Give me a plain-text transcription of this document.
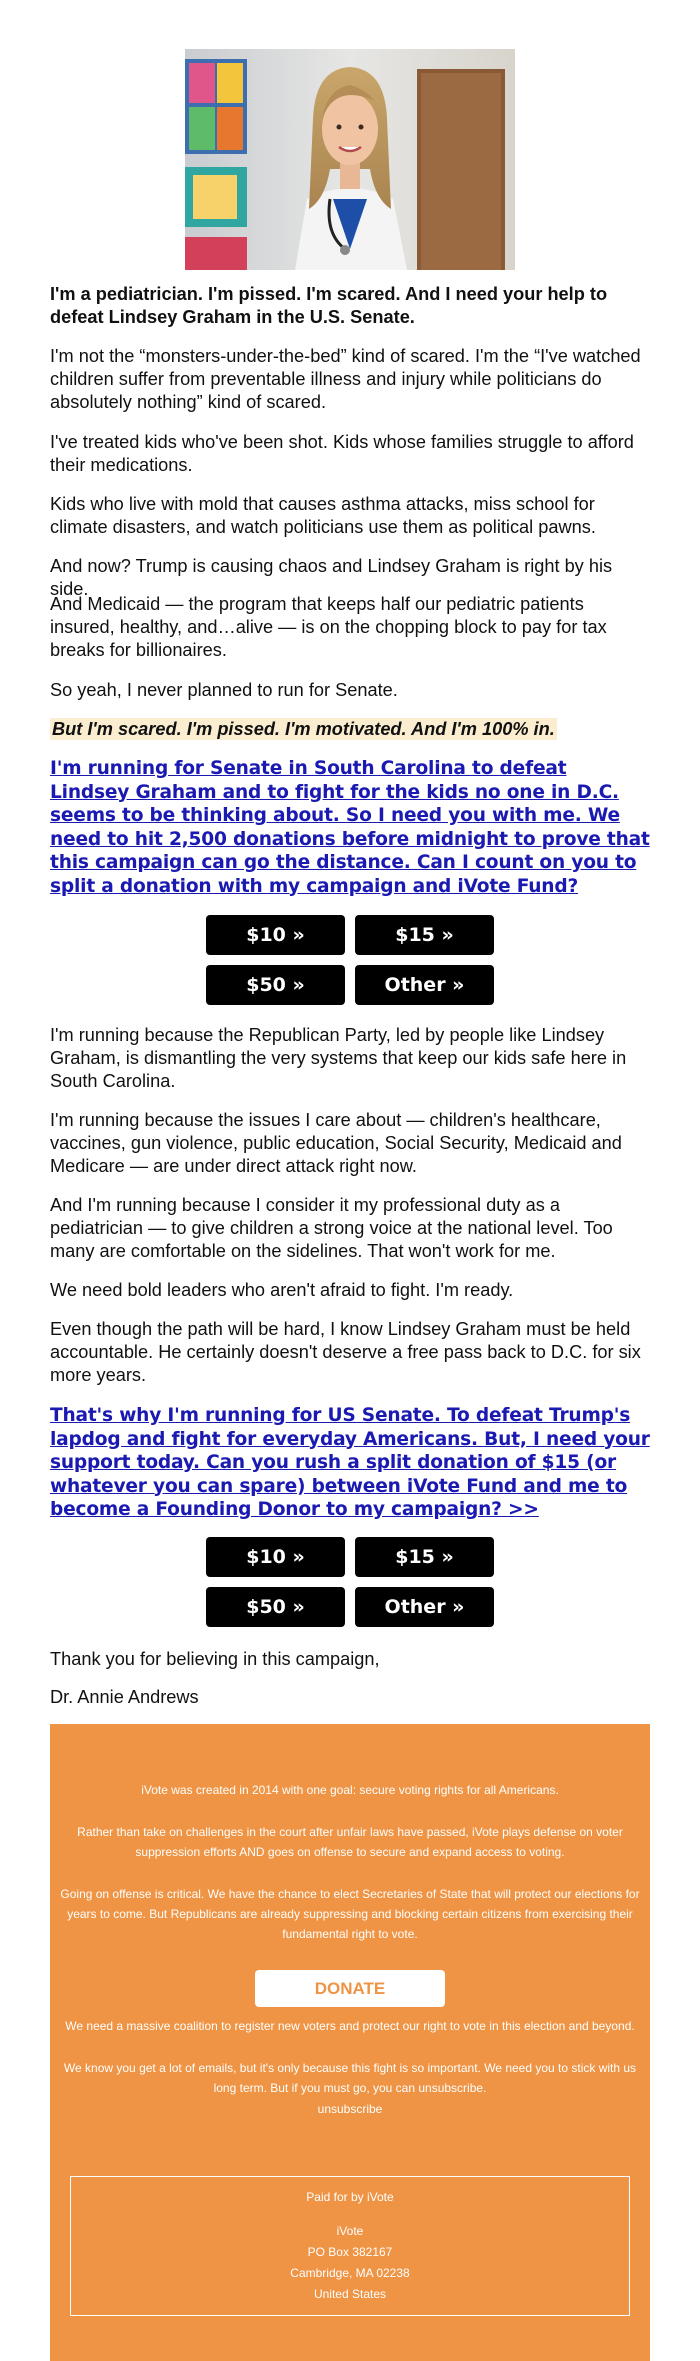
I'm a pediatrician. I'm pissed. I'm scared. And I need your help to defeat Lindsey Graham in the U.S. Senate.

I'm not the “monsters-under-the-bed” kind of scared. I'm the “I've watched children suffer from preventable illness and injury while politicians do absolutely nothing” kind of scared.

I've treated kids who've been shot. Kids whose families struggle to afford their medications.

Kids who live with mold that causes asthma attacks, miss school for climate disasters, and watch politicians use them as political pawns.

And now? Trump is causing chaos and Lindsey Graham is right by his side.

And Medicaid — the program that keeps half our pediatric patients insured, healthy, and…alive — is on the chopping block to pay for tax breaks for billionaires.

So yeah, I never planned to run for Senate.

But I'm scared. I'm pissed. I'm motivated. And I'm 100% in.

I'm running for Senate in South Carolina to defeat Lindsey Graham and to fight for the kids no one in D.C. seems to be thinking about. So I need you with me. We need to hit 2,500 donations before midnight to prove that this campaign can go the distance. Can I count on you to split a donation with my campaign and iVote Fund?

$10 »	$15 »
$50 »	Other »

I'm running because the Republican Party, led by people like Lindsey Graham, is dismantling the very systems that keep our kids safe here in South Carolina.

I'm running because the issues I care about — children's healthcare, vaccines, gun violence, public education, Social Security, Medicaid and Medicare — are under direct attack right now.

And I'm running because I consider it my professional duty as a pediatrician — to give children a strong voice at the national level. Too many are comfortable on the sidelines. That won't work for me.

We need bold leaders who aren't afraid to fight. I'm ready.

Even though the path will be hard, I know Lindsey Graham must be held accountable. He certainly doesn't deserve a free pass back to D.C. for six more years.

That's why I'm running for US Senate. To defeat Trump's lapdog and fight for everyday Americans. But, I need your support today. Can you rush a split donation of $15 (or whatever you can spare) between iVote Fund and me to become a Founding Donor to my campaign? >>

$10 »	$15 »
$50 »	Other »

Thank you for believing in this campaign,

Dr. Annie Andrews

iVote was created in 2014 with one goal: secure voting rights for all Americans.

Rather than take on challenges in the court after unfair laws have passed, iVote plays defense on voter suppression efforts AND goes on offense to secure and expand access to voting.

Going on offense is critical. We have the chance to elect Secretaries of State that will protect our elections for years to come. But Republicans are already suppressing and blocking certain citizens from exercising their fundamental right to vote.

DONATE

We need a massive coalition to register new voters and protect our right to vote in this election and beyond.

We know you get a lot of emails, but it's only because this fight is so important. We need you to stick with us long term. But if you must go, you can unsubscribe.

unsubscribe

Paid for by iVote

iVote

PO Box 382167

Cambridge, MA 02238

United States
